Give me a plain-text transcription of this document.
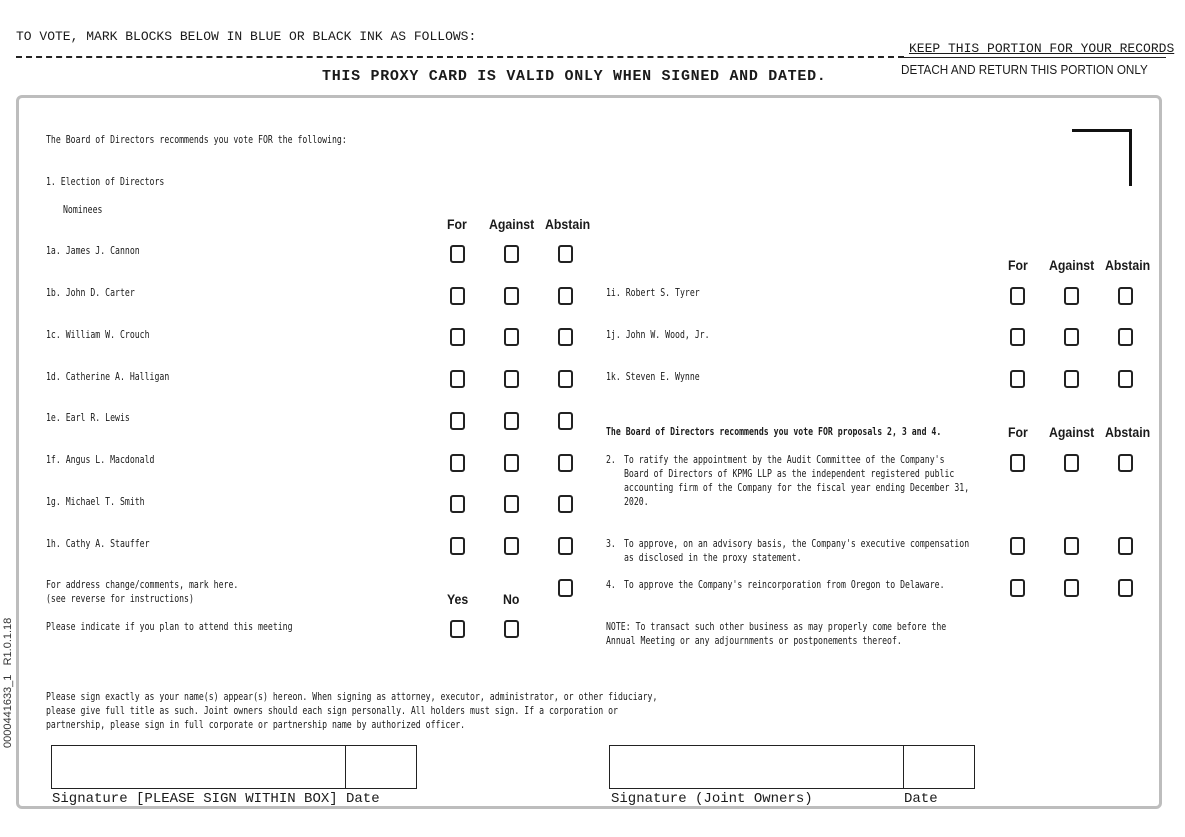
TO VOTE, MARK BLOCKS BELOW IN BLUE OR BLACK INK AS FOLLOWS:
KEEP THIS PORTION FOR YOUR RECORDS
DETACH AND RETURN THIS PORTION ONLY
THIS PROXY CARD IS VALID ONLY WHEN SIGNED AND DATED.
0000441633_1   R1.0.1.18
The Board of Directors recommends you vote FOR the following:
1. Election of Directors
Nominees
For Against Abstain
1a. James J. Cannon
1b. John D. Carter
1c. William W. Crouch
1d. Catherine A. Halligan
1e. Earl R. Lewis
1f. Angus L. Macdonald
1g. Michael T. Smith
1h. Cathy A. Stauffer
For address change/comments, mark here.
(see reverse for instructions)	Yes No
Please indicate if you plan to attend this meeting
For Against Abstain
1i. Robert S. Tyrer
1j. John W. Wood, Jr.
1k. Steven E. Wynne
The Board of Directors recommends you vote FOR proposals 2, 3 and 4.	For Against Abstain
2. To ratify the appointment by the Audit Committee of the Company's
Board of Directors of KPMG LLP as the independent registered public
accounting firm of the Company for the fiscal year ending December 31,
2020.
3. To approve, on an advisory basis, the Company's executive compensation
as disclosed in the proxy statement.
4. To approve the Company's reincorporation from Oregon to Delaware.
NOTE: To transact such other business as may properly come before the
Annual Meeting or any adjournments or postponements thereof.
Please sign exactly as your name(s) appear(s) hereon. When signing as attorney, executor, administrator, or other fiduciary,
please give full title as such. Joint owners should each sign personally. All holders must sign. If a corporation or
partnership, please sign in full corporate or partnership name by authorized officer.
Signature [PLEASE SIGN WITHIN BOX] Date	Signature (Joint Owners)	Date
